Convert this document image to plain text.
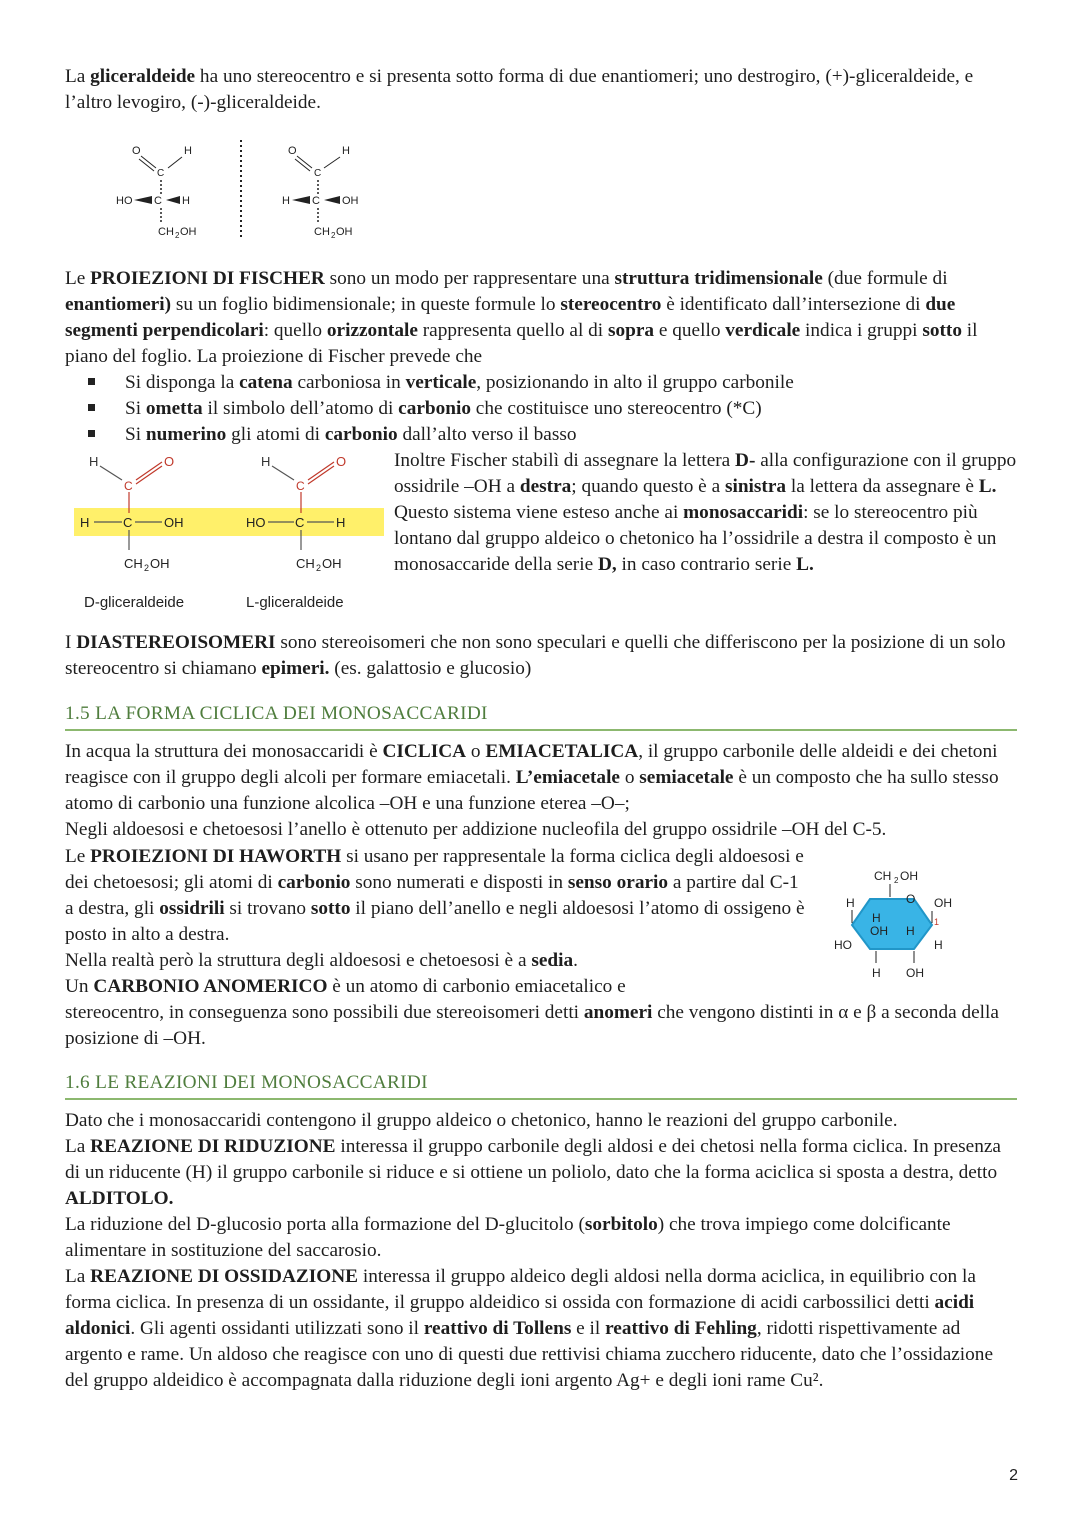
La gliceraldeide ha uno stereocentro e si presenta sotto forma di due enantiomeri; uno destrogiro, (+)-gliceraldeide, e l’altro levogiro, (-)-gliceraldeide.

O	H
C
HO C H
CH 2 OH
O	H
C
H C OH
CH 2 OH

Le PROIEZIONI DI FISCHER sono un modo per rappresentare una struttura tridimensionale (due formule di enantiomeri) su un foglio bidimensionale; in queste formule lo stereocentro è identificato dall’intersezione di due segmenti perpendicolari: quello orizzontale rappresenta quello al di sopra e quello verdicale indica i gruppi sotto il piano del foglio. La proiezione di Fischer prevede che

Si disponga la catena carboniosa in verticale, posizionando in alto il gruppo carbonile
Si ometta il simbolo dell’atomo di carbonio che costituisce uno stereocentro (*C)
Si numerino gli atomi di carbonio dall’alto verso il basso
H	O
C
H	C OH
CH 2 OH
D-gliceraldeide
H	O
C
HO C H
CH 2 OH
L-gliceraldeide

Inoltre Fischer stabilì di assegnare la lettera D- alla configurazione con il gruppo ossidrile –OH a destra; quando questo è a sinistra la lettera da assegnare è L.
Questo sistema viene esteso anche ai monosaccaridi: se lo stereocentro più lontano dal gruppo aldeico o chetonico ha l’ossidrile a destra il composto è un monosaccaride della serie D, in caso contrario serie L.

I DIASTEREOISOMERI sono stereoisomeri che non sono speculari e quelli che differiscono per la posizione di un solo stereocentro si chiamano epimeri. (es. galattosio e glucosio)

1.5 LA FORMA CICLICA DEI MONOSACCARIDI

In acqua la struttura dei monosaccaridi è CICLICA o EMIACETALICA, il gruppo carbonile delle aldeidi e dei chetoni reagisce con il gruppo degli alcoli per formare emiacetali. L’emiacetale o semiacetale è un composto che ha sullo stesso atomo di carbonio una funzione alcolica –OH e una funzione eterea –O–;
Negli aldoesosi e chetoesosi l’anello è ottenuto per addizione nucleofila del gruppo ossidrile –OH del C-5.

Le PROIEZIONI DI HAWORTH si usano per rappresentale la forma ciclica degli aldoesosi e dei chetoesosi; gli atomi di carbonio sono numerati e disposti in senso orario a partire dal C-1 a destra, gli ossidrili si trovano sotto il piano dell’anello e negli aldoesosi l’atomo di ossigeno è posto in alto a destra.
Nella realtà però la struttura degli aldoesosi e chetoesosi è a sedia.
Un CARBONIO ANOMERICO è un atomo di carbonio emiacetalico e

CH 2 OH
O
H	OH
1
H
OH H
HO	H
H OH

stereocentro, in conseguenza sono possibili due stereoisomeri detti anomeri che vengono distinti in α e β a seconda della posizione di –OH.

1.6 LE REAZIONI DEI MONOSACCARIDI

Dato che i monosaccaridi contengono il gruppo aldeico o chetonico, hanno le reazioni del gruppo carbonile.
La REAZIONE DI RIDUZIONE interessa il gruppo carbonile degli aldosi e dei chetosi nella forma ciclica. In presenza di un riducente (H) il gruppo carbonile si riduce e si ottiene un poliolo, dato che la forma aciclica si sposta a destra, detto ALDITOLO.
La riduzione del D-glucosio porta alla formazione del D-glucitolo (sorbitolo) che trova impiego come dolcificante alimentare in sostituzione del saccarosio.
La REAZIONE DI OSSIDAZIONE interessa il gruppo aldeico degli aldosi nella dorma aciclica, in equilibrio con la forma ciclica. In presenza di un ossidante, il gruppo aldeidico si ossida con formazione di acidi carbossilici detti acidi aldonici. Gli agenti ossidanti utilizzati sono il reattivo di Tollens e il reattivo di Fehling, ridotti rispettivamente ad argento e rame. Un aldoso che reagisce con uno di questi due rettivisi chiama zucchero riducente, dato che l’ossidazione del gruppo aldeidico è accompagnata dalla riduzione degli ioni argento Ag+ e degli ioni rame Cu².

2
